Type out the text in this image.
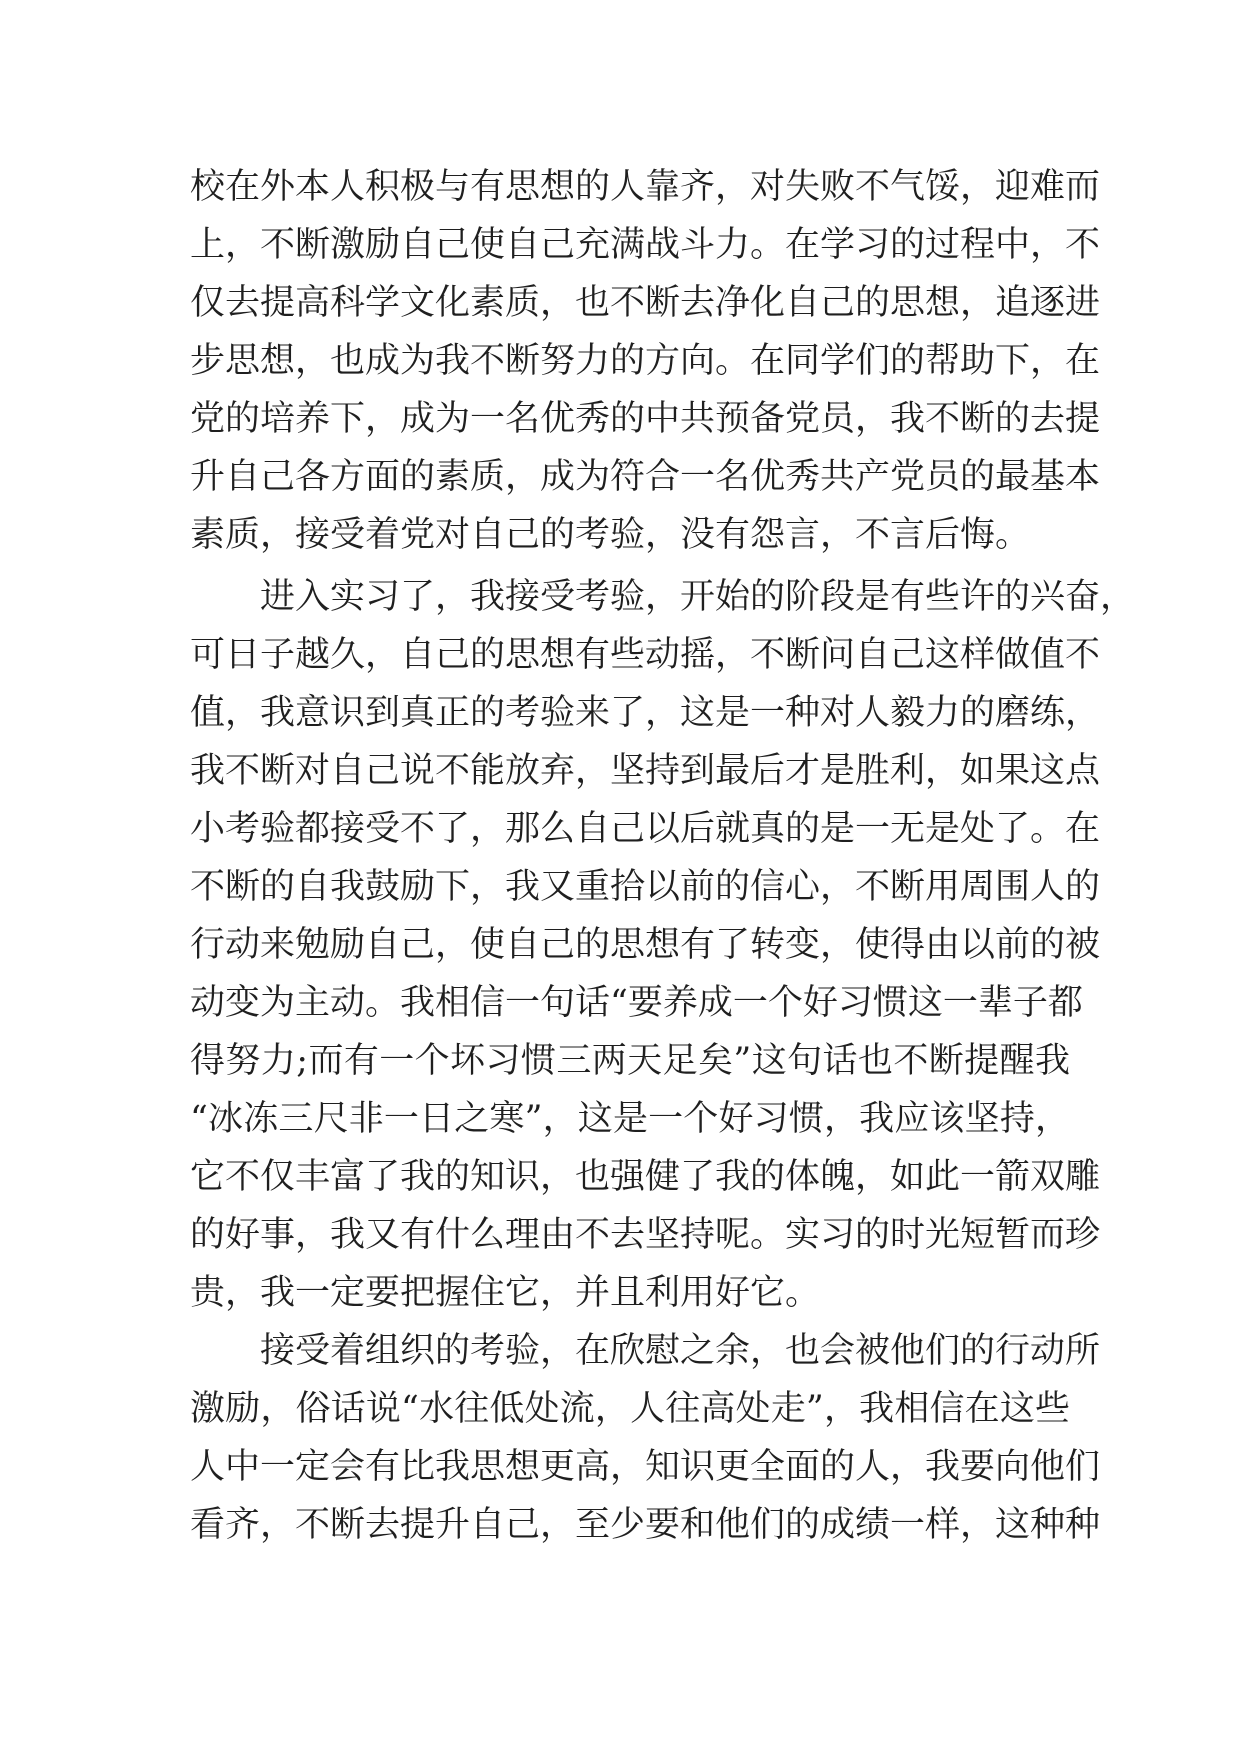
校在外本人积极与有思想的人靠齐，对失败不气馁，迎难而
上，不断激励自己使自己充满战斗力。在学习的过程中，不
仅去提高科学文化素质，也不断去净化自己的思想，追逐进
步思想，也成为我不断努力的方向。在同学们的帮助下，在
党的培养下，成为一名优秀的中共预备党员，我不断的去提
升自己各方面的素质，成为符合一名优秀共产党员的最基本
素质，接受着党对自己的考验，没有怨言，不言后悔。
进入实习了，我接受考验，开始的阶段是有些许的兴奋，
可日子越久，自己的思想有些动摇，不断问自己这样做值不
值，我意识到真正的考验来了，这是一种对人毅力的磨练，
我不断对自己说不能放弃，坚持到最后才是胜利，如果这点
小考验都接受不了，那么自己以后就真的是一无是处了。在
不断的自我鼓励下，我又重拾以前的信心，不断用周围人的
行动来勉励自己，使自己的思想有了转变，使得由以前的被
动变为主动。我相信一句话“要养成一个好习惯这一辈子都
得努力;而有一个坏习惯三两天足矣”这句话也不断提醒我
“冰冻三尺非一日之寒”，这是一个好习惯，我应该坚持，
它不仅丰富了我的知识，也强健了我的体魄，如此一箭双雕
的好事，我又有什么理由不去坚持呢。实习的时光短暂而珍
贵，我一定要把握住它，并且利用好它。
接受着组织的考验，在欣慰之余，也会被他们的行动所
激励，俗话说“水往低处流，人往高处走”，我相信在这些
人中一定会有比我思想更高，知识更全面的人，我要向他们
看齐，不断去提升自己，至少要和他们的成绩一样，这种种
